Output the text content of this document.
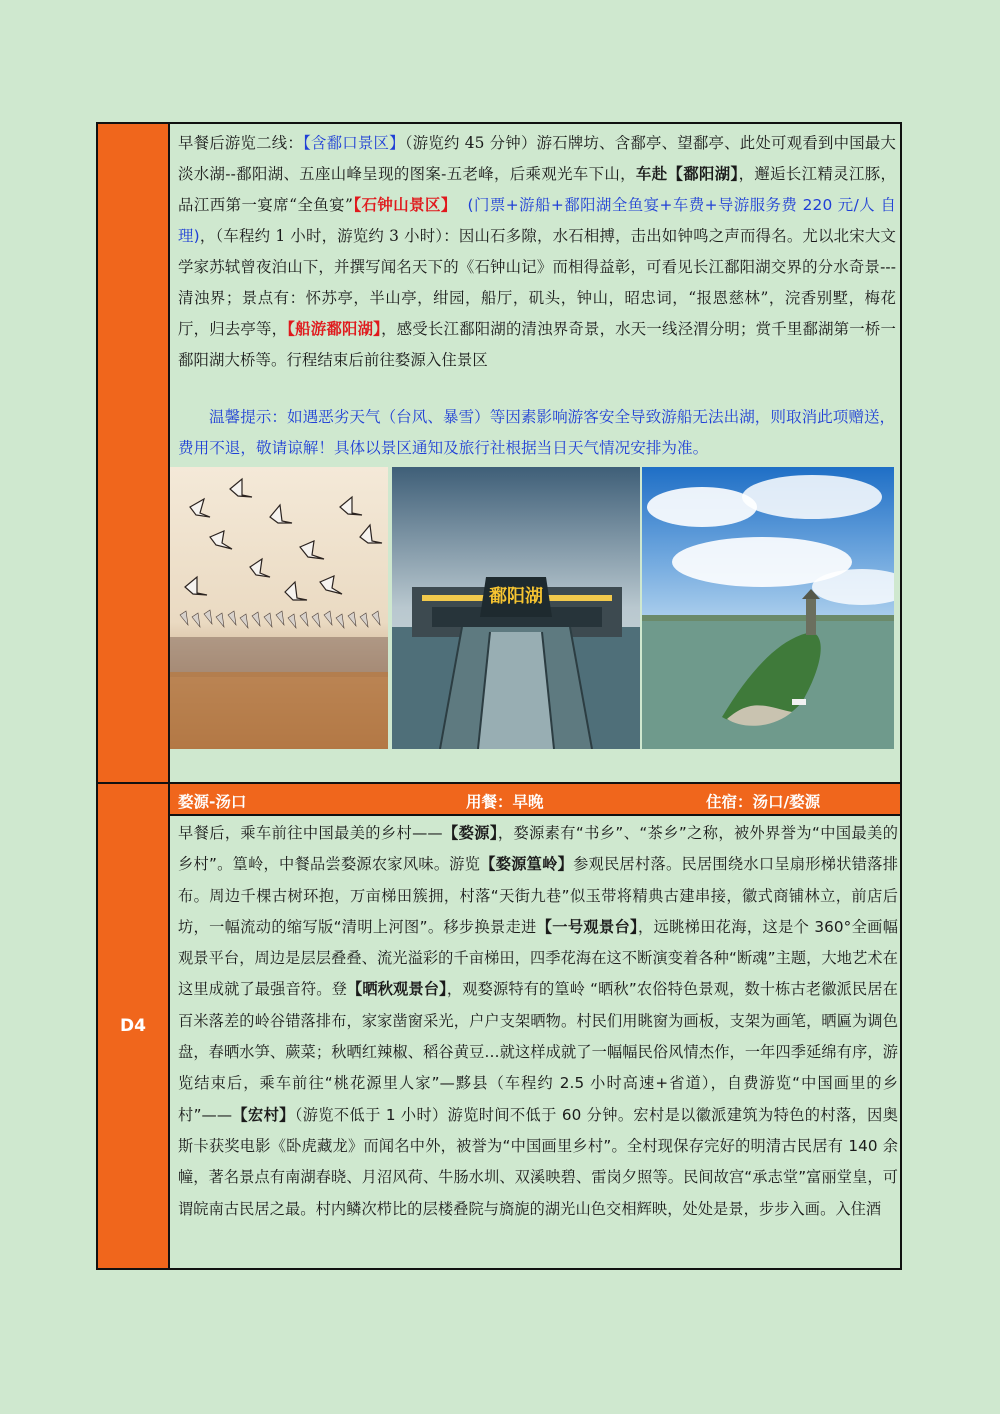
早餐后游览二线：【含鄱口景区】（游览约 45 分钟）游石牌坊、含鄱亭、望鄱亭、此处可观看到中国最大淡水湖--鄱阳湖、五座山峰呈现的图案-五老峰，后乘观光车下山，车赴【鄱阳湖】，邂逅长江精灵江豚，品江西第一宴席“全鱼宴”【石钟山景区】 (门票+游船+鄱阳湖全鱼宴+车费+导游服务费 220 元/人 自理)，（车程约 1 小时，游览约 3 小时）：因山石多隙，水石相搏，击出如钟鸣之声而得名。尤以北宋大文学家苏轼曾夜泊山下，并撰写闻名天下的《石钟山记》而相得益彰，可看见长江鄱阳湖交界的分水奇景---清浊界；景点有：怀苏亭，半山亭，绀园，船厅，矶头，钟山，昭忠词，“报恩慈林”，浣香别墅，梅花厅，归去亭等，【船游鄱阳湖】，感受长江鄱阳湖的清浊界奇景，水天一线泾渭分明；赏千里鄱湖第一桥一鄱阳湖大桥等。行程结束后前往婺源入住景区
温馨提示：如遇恶劣天气（台风、暴雪）等因素影响游客安全导致游船无法出湖，则取消此项赠送，费用不退，敬请谅解！具体以景区通知及旅行社根据当日天气情况安排为准。
鄱阳湖
D4
婺源-汤口	用餐：早晚	住宿：汤口/婺源
早餐后，乘车前往中国最美的乡村——【婺源】，婺源素有“书乡”、“茶乡”之称，被外界誉为“中国最美的乡村”。篁岭，中餐品尝婺源农家风味。游览【婺源篁岭】参观民居村落。民居围绕水口呈扇形梯状错落排布。周边千棵古树环抱，万亩梯田簇拥，村落“天街九巷”似玉带将精典古建串接，徽式商铺林立，前店后坊，一幅流动的缩写版“清明上河图”。移步换景走进【一号观景台】，远眺梯田花海，这是个 360°全画幅观景平台，周边是层层叠叠、流光溢彩的千亩梯田，四季花海在这不断演变着各种“断魂”主题，大地艺术在这里成就了最强音符。登【晒秋观景台】，观婺源特有的篁岭 “晒秋”农俗特色景观，数十栋古老徽派民居在百米落差的岭谷错落排布，家家凿窗采光，户户支架晒物。村民们用眺窗为画板，支架为画笔，晒匾为调色盘，春晒水笋、蕨菜；秋晒红辣椒、稻谷黄豆…就这样成就了一幅幅民俗风情杰作，一年四季延绵有序，游览结束后，乘车前往“桃花源里人家”—黟县（车程约 2.5 小时高速+省道），自费游览“中国画里的乡村”——【宏村】（游览不低于 1 小时）游览时间不低于 60 分钟。宏村是以徽派建筑为特色的村落，因奥斯卡获奖电影《卧虎藏龙》而闻名中外，被誉为“中国画里乡村”。全村现保存完好的明清古民居有 140 余幢，著名景点有南湖春晓、月沼风荷、牛肠水圳、双溪映碧、雷岗夕照等。民间故宫“承志堂”富丽堂皇，可谓皖南古民居之最。村内鳞次栉比的层楼叠院与旖旎的湖光山色交相辉映，处处是景，步步入画。入住酒
